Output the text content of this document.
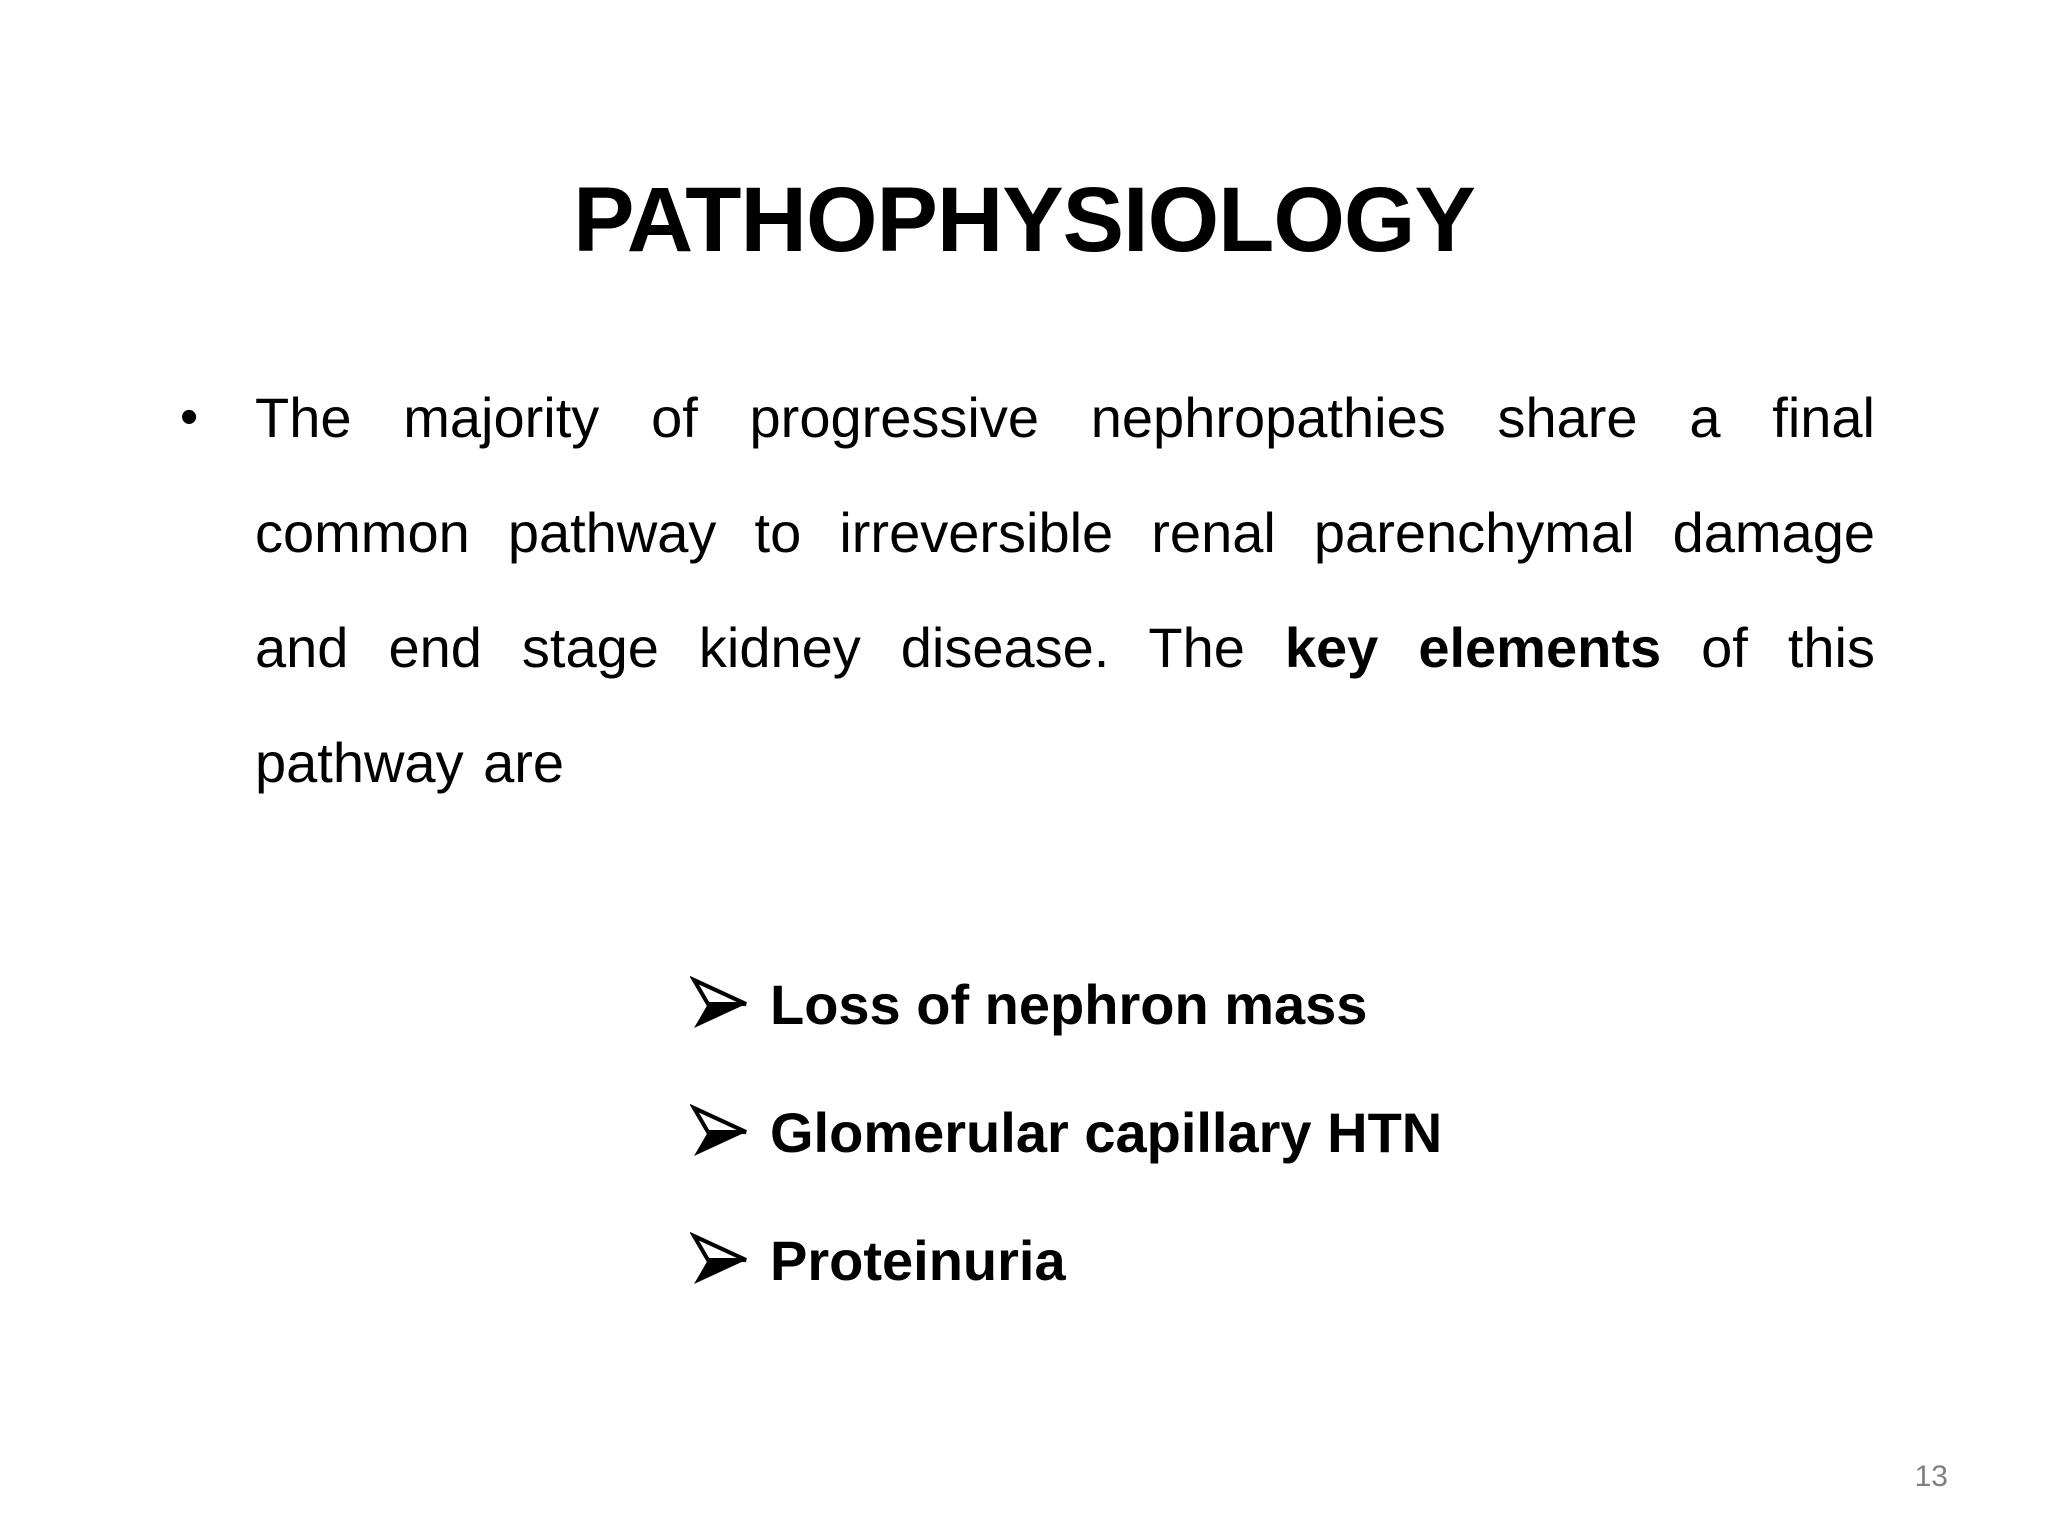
PATHOPHYSIOLOGY
• The majority of progressive nephropathies share a final common pathway to irreversible renal parenchymal damage and end stage kidney disease. The key elements of this pathway are
Loss of nephron mass
Glomerular capillary HTN
Proteinuria
13
